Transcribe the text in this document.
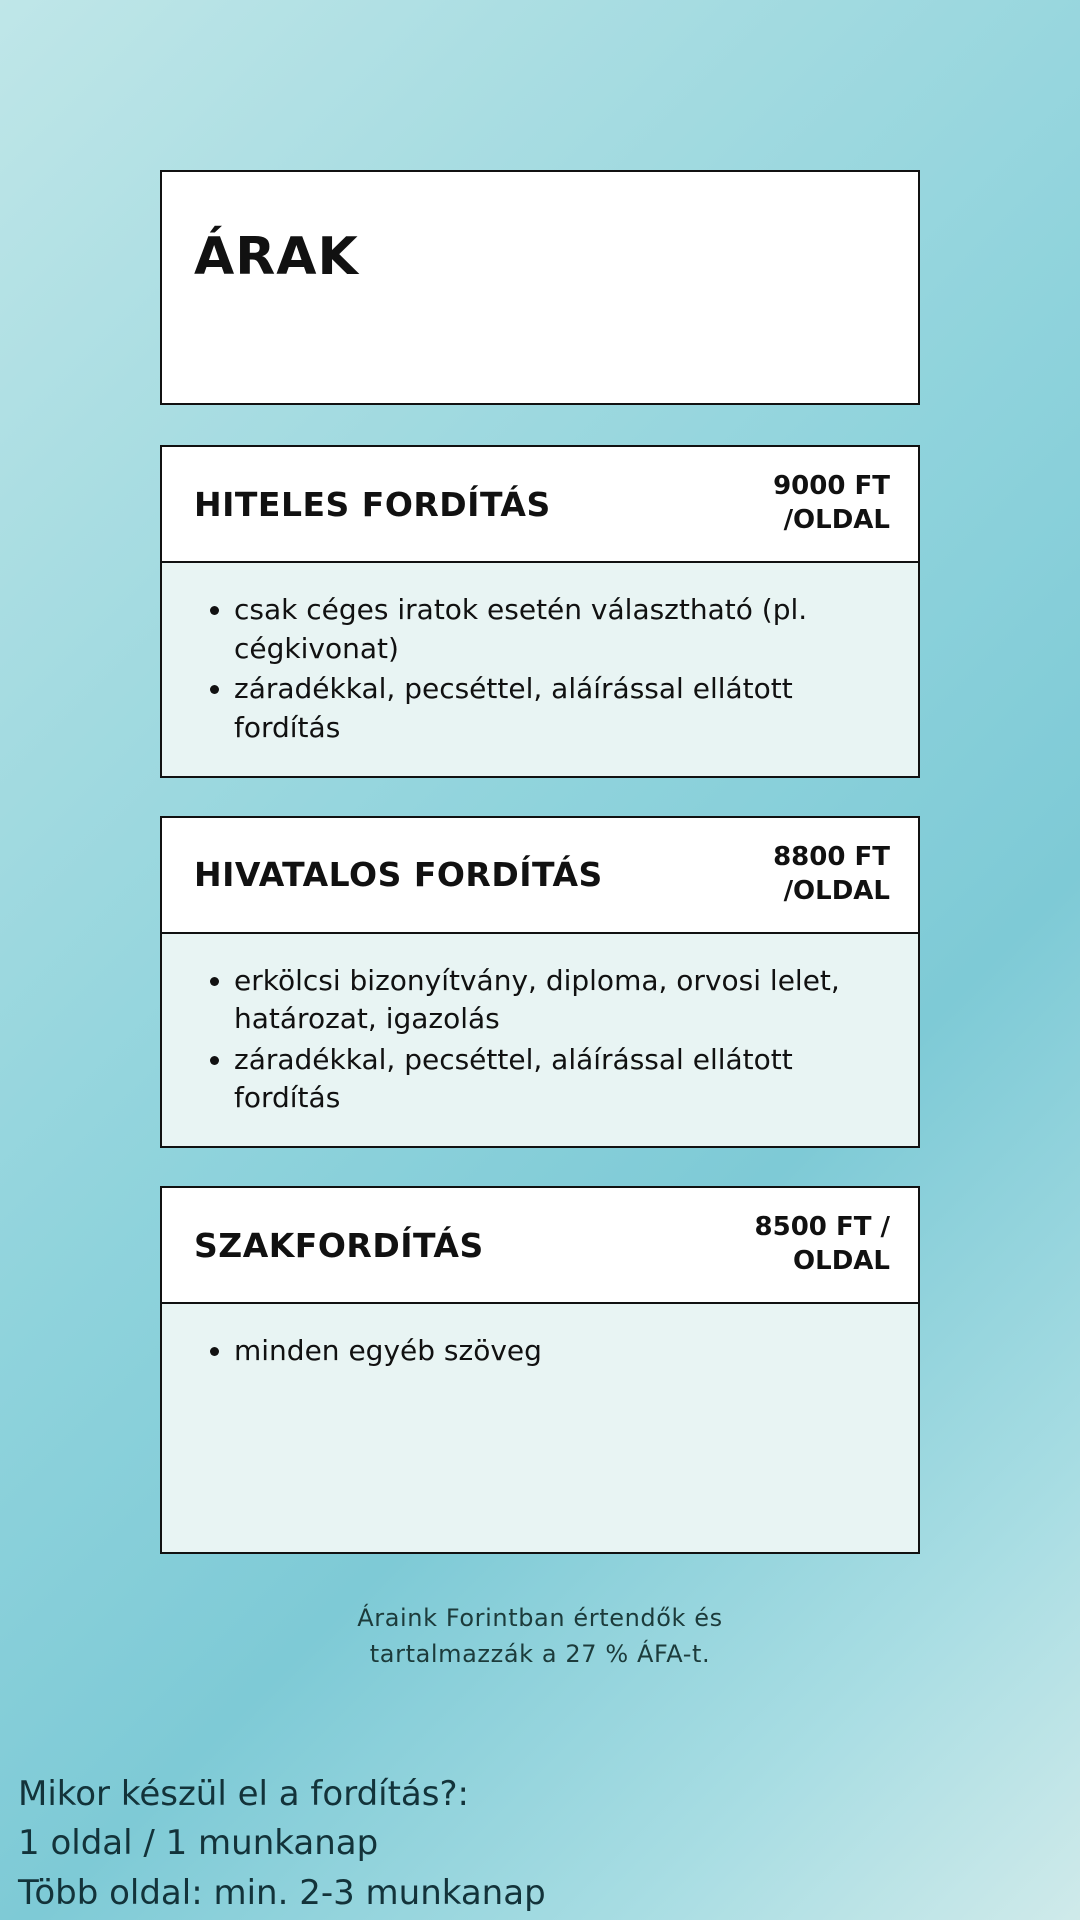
ÁRAK
HITELES FORDÍTÁS	9000 FT
/OLDAL
• csak céges iratok esetén választható (pl. cégkivonat)
• záradékkal, pecséttel, aláírással ellátott fordítás
HIVATALOS FORDÍTÁS	8800 FT
/OLDAL
• erkölcsi bizonyítvány, diploma, orvosi lelet, határozat, igazolás
• záradékkal, pecséttel, aláírással ellátott fordítás
SZAKFORDÍTÁS	8500 FT /
OLDAL
• minden egyéb szöveg
Áraink Forintban értendők és
tartalmazzák a 27 % ÁFA-t.
Mikor készül el a fordítás?:
1 oldal / 1 munkanap
Több oldal: min. 2-3 munkanap
